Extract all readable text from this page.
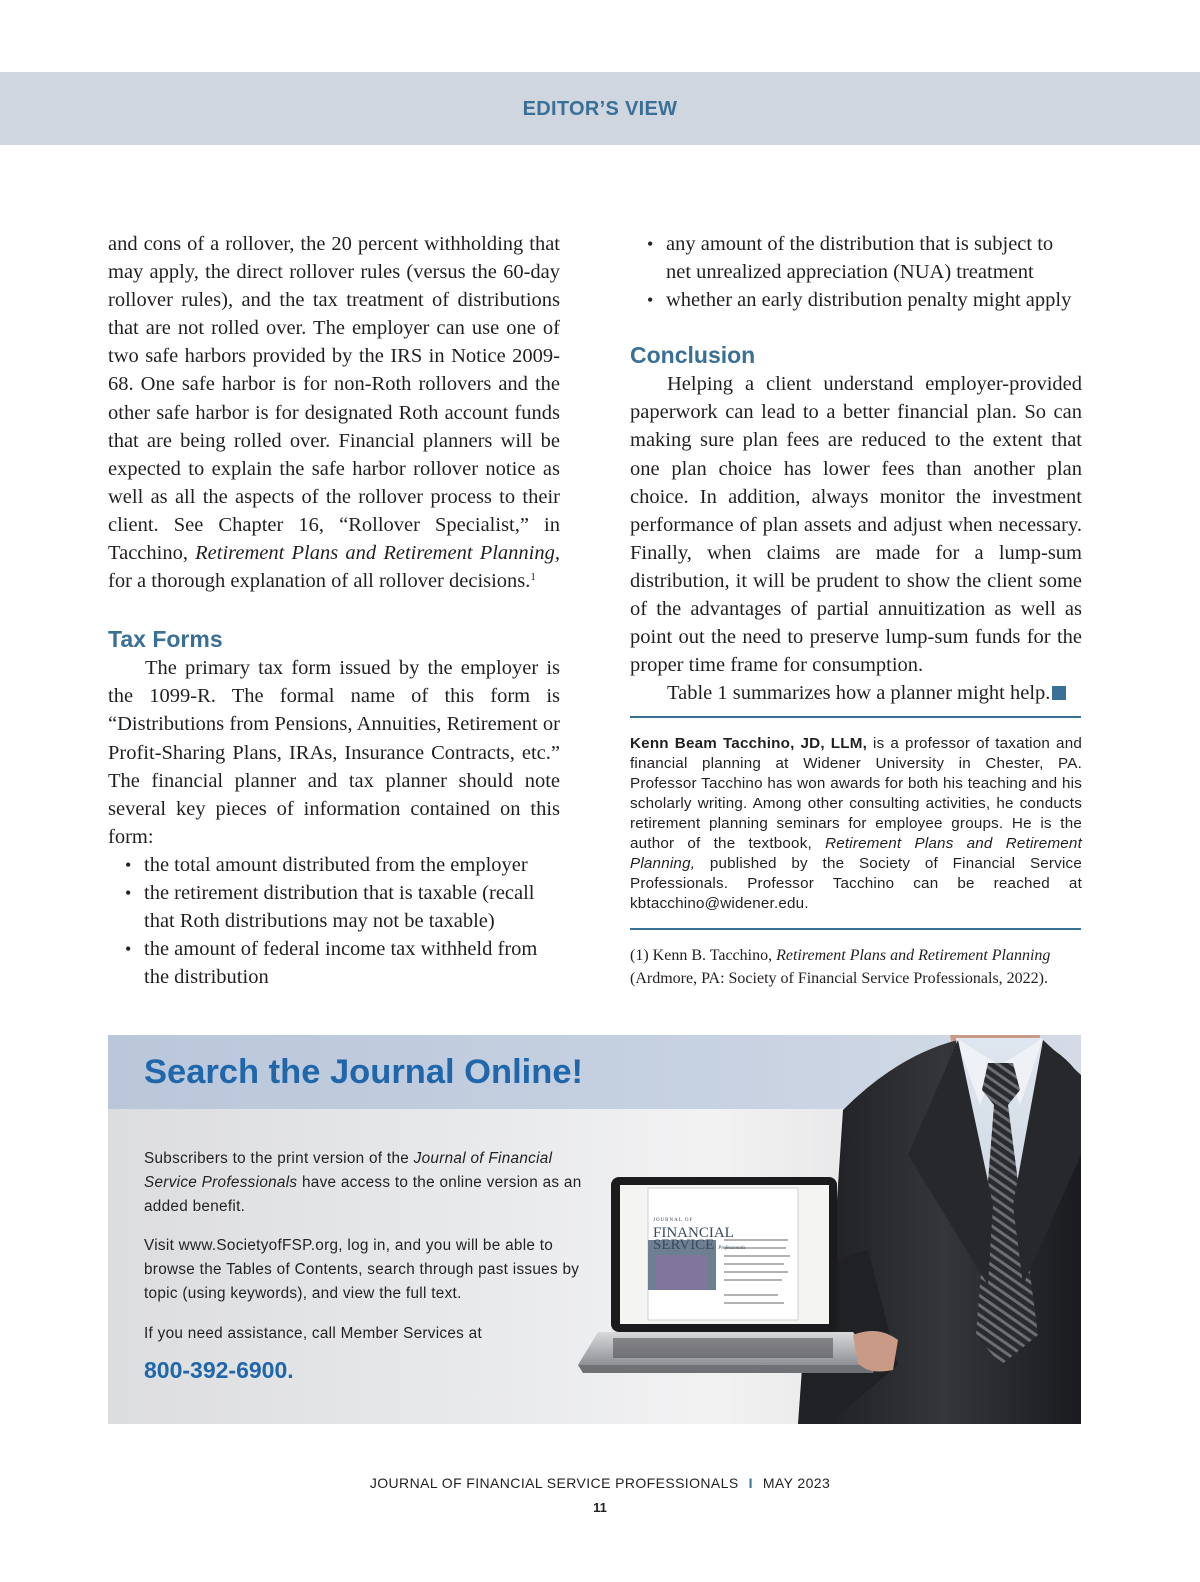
EDITOR’S VIEW

and cons of a rollover, the 20 percent withholding that may apply, the direct rollover rules (versus the 60-day rollover rules), and the tax treatment of distributions that are not rolled over. The employer can use one of two safe harbors provided by the IRS in Notice 2009-68. One safe harbor is for non-Roth rollovers and the other safe harbor is for designated Roth account funds that are being rolled over. Financial planners will be expected to explain the safe harbor rollover notice as well as all the aspects of the rollover process to their client. See Chapter 16, “Rollover Specialist,” in Tacchino, Retirement Plans and Retirement Planning, for a thorough explanation of all rollover decisions.$^1$

Tax Forms

The primary tax form issued by the employer is the 1099-R. The formal name of this form is “Distributions from Pensions, Annuities, Retirement or Profit-Sharing Plans, IRAs, Insurance Contracts, etc.” The financial planner and tax planner should note several key pieces of information contained on this form:

• the total amount distributed from the employer
• the retirement distribution that is taxable (recall that Roth distributions may not be taxable)
• the amount of federal income tax withheld from the distribution
• any amount of the distribution that is subject to net unrealized appreciation (NUA) treatment
• whether an early distribution penalty might apply
Conclusion

Helping a client understand employer-provided paperwork can lead to a better financial plan. So can making sure plan fees are reduced to the extent that one plan choice has lower fees than another plan choice. In addition, always monitor the investment performance of plan assets and adjust when necessary. Finally, when claims are made for a lump-sum distribution, it will be prudent to show the client some of the advantages of partial annuitization as well as point out the need to preserve lump-sum funds for the proper time frame for consumption.

Table 1 summarizes how a planner might help.

Kenn Beam Tacchino, JD, LLM, is a professor of taxation and financial planning at Widener University in Chester, PA. Professor Tacchino has won awards for both his teaching and his scholarly writing. Among other consulting activities, he conducts retirement planning seminars for employee groups. He is the author of the textbook, Retirement Plans and Retirement Planning, published by the Society of Financial Service Professionals. Professor Tacchino can be reached at kbtacchino@widener.edu.

(1) Kenn B. Tacchino, Retirement Plans and Retirement Planning (Ardmore, PA: Society of Financial Service Professionals, 2022).

JOURNAL OF
FINANCIAL
SERVICE Professionals
Search the Journal Online!

Subscribers to the print version of the Journal of Financial Service Professionals have access to the online version as an added benefit.

Visit www.SocietyofFSP.org, log in, and you will be able to browse the Tables of Contents, search through past issues by topic (using keywords), and view the full text.

If you need assistance, call Member Services at

800-392-6900.

JOURNAL OF FINANCIAL SERVICE PROFESSIONALS I MAY 2023
11
